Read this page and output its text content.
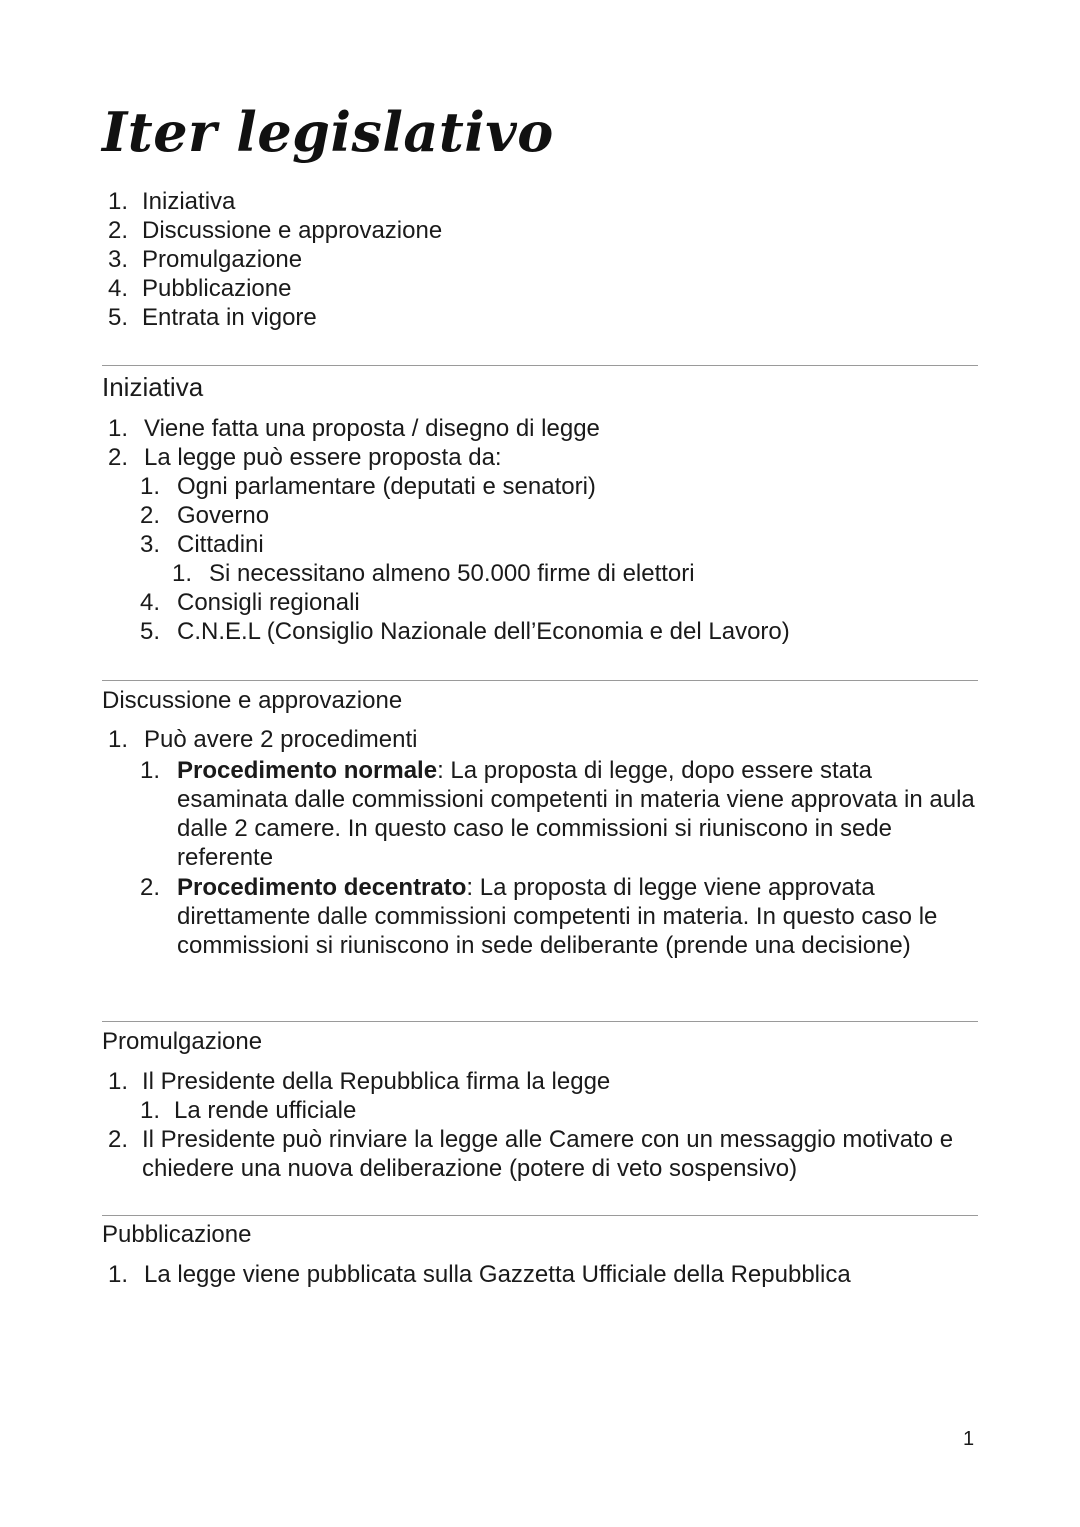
Iter legislativo
1. Iniziativa
2. Discussione e approvazione
3. Promulgazione
4. Pubblicazione
5. Entrata in vigore
Iniziativa
1. Viene fatta una proposta / disegno di legge
2. La legge può essere proposta da:
1. Ogni parlamentare (deputati e senatori)
2. Governo
3. Cittadini
1. Si necessitano almeno 50.000 firme di elettori
4. Consigli regionali
5. C.N.E.L (Consiglio Nazionale dell’Economia e del Lavoro)
Discussione e approvazione
1. Può avere 2 procedimenti
1. Procedimento normale: La proposta di legge, dopo essere stata esaminata dalle commissioni competenti in materia viene approvata in aula dalle 2 camere. In questo caso le commissioni si riuniscono in sede referente
2. Procedimento decentrato: La proposta di legge viene approvata direttamente dalle commissioni competenti in materia. In questo caso le commissioni si riuniscono in sede deliberante (prende una decisione)
Promulgazione
1. Il Presidente della Repubblica firma la legge
1. La rende ufficiale
2. Il Presidente può rinviare la legge alle Camere con un messaggio motivato e chiedere una nuova deliberazione (potere di veto sospensivo)
Pubblicazione
1. La legge viene pubblicata sulla Gazzetta Ufficiale della Repubblica
1
